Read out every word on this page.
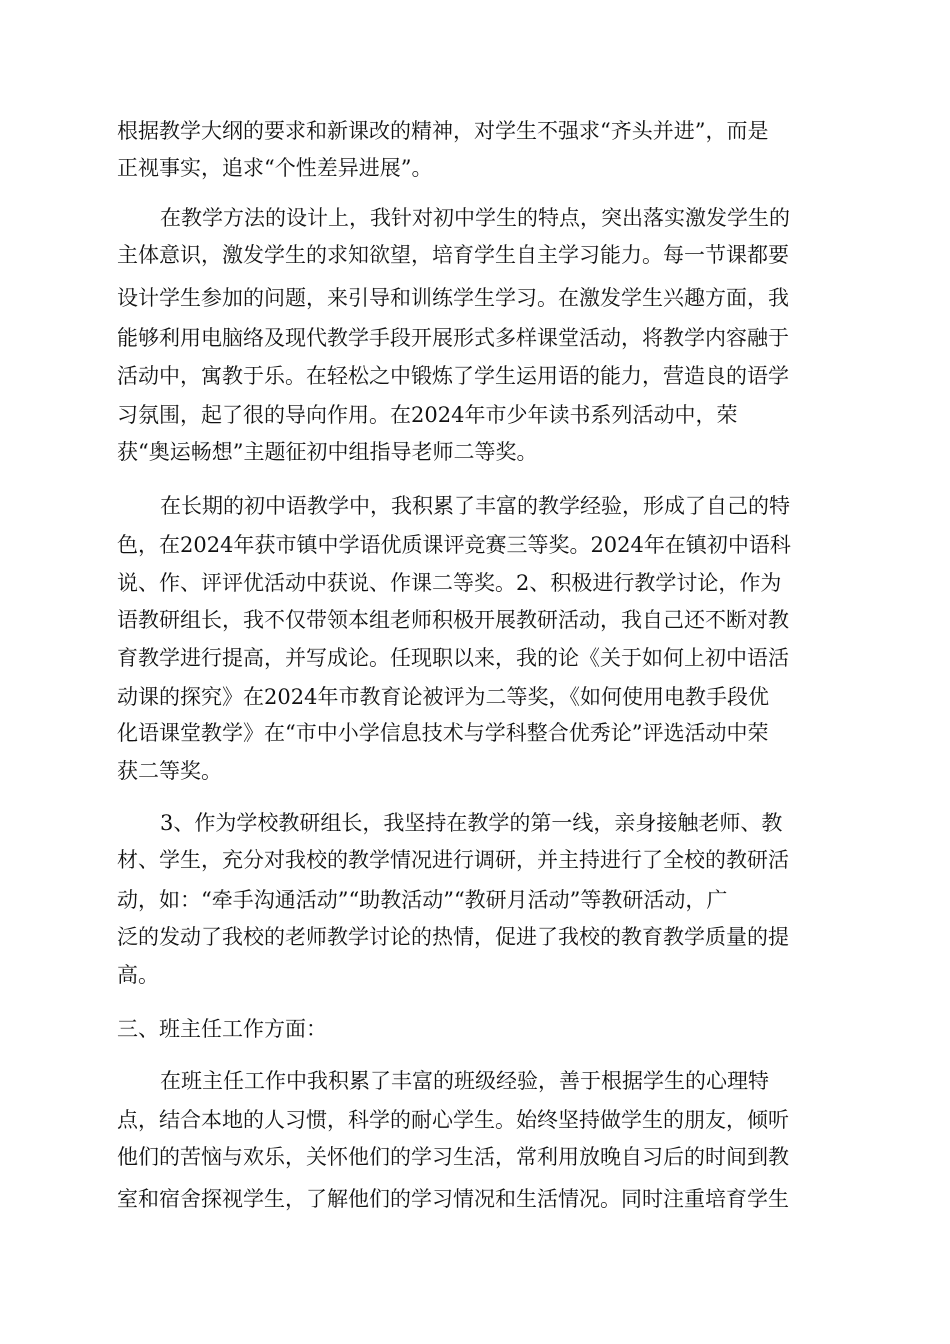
根据教学大纲的要求和新课改的精神，对学生不强求“齐头并进”，而是

正视事实，追求“个性差异进展”。

在教学方法的设计上，我针对初中学生的特点，突出落实激发学生的

主体意识，激发学生的求知欲望，培育学生自主学习能力。每一节课都要

设计学生参加的问题，来引导和训练学生学习。在激发学生兴趣方面，我

能够利用电脑络及现代教学手段开展形式多样课堂活动，将教学内容融于

活动中，寓教于乐。在轻松之中锻炼了学生运用语的能力，营造良的语学

习氛围，起了很的导向作用。在2024年市少年读书系列活动中，荣

获“奥运畅想”主题征初中组指导老师二等奖。

在长期的初中语教学中，我积累了丰富的教学经验，形成了自己的特

色，在2024年获市镇中学语优质课评竞赛三等奖。2024年在镇初中语科

说、作、评评优活动中获说、作课二等奖。2、积极进行教学讨论，作为

语教研组长，我不仅带领本组老师积极开展教研活动，我自己还不断对教

育教学进行提高，并写成论。任现职以来，我的论《关于如何上初中语活

动课的探究》在2024年市教育论被评为二等奖，《如何使用电教手段优

化语课堂教学》在“市中小学信息技术与学科整合优秀论”评选活动中荣

获二等奖。

3、作为学校教研组长，我坚持在教学的第一线，亲身接触老师、教

材、学生，充分对我校的教学情况进行调研，并主持进行了全校的教研活

动，如：“牵手沟通活动”“助教活动”“教研月活动”等教研活动，广

泛的发动了我校的老师教学讨论的热情，促进了我校的教育教学质量的提

高。

三、班主任工作方面：

在班主任工作中我积累了丰富的班级经验，善于根据学生的心理特

点，结合本地的人习惯，科学的耐心学生。始终坚持做学生的朋友，倾听

他们的苦恼与欢乐，关怀他们的学习生活，常利用放晚自习后的时间到教

室和宿舍探视学生，了解他们的学习情况和生活情况。同时注重培育学生
